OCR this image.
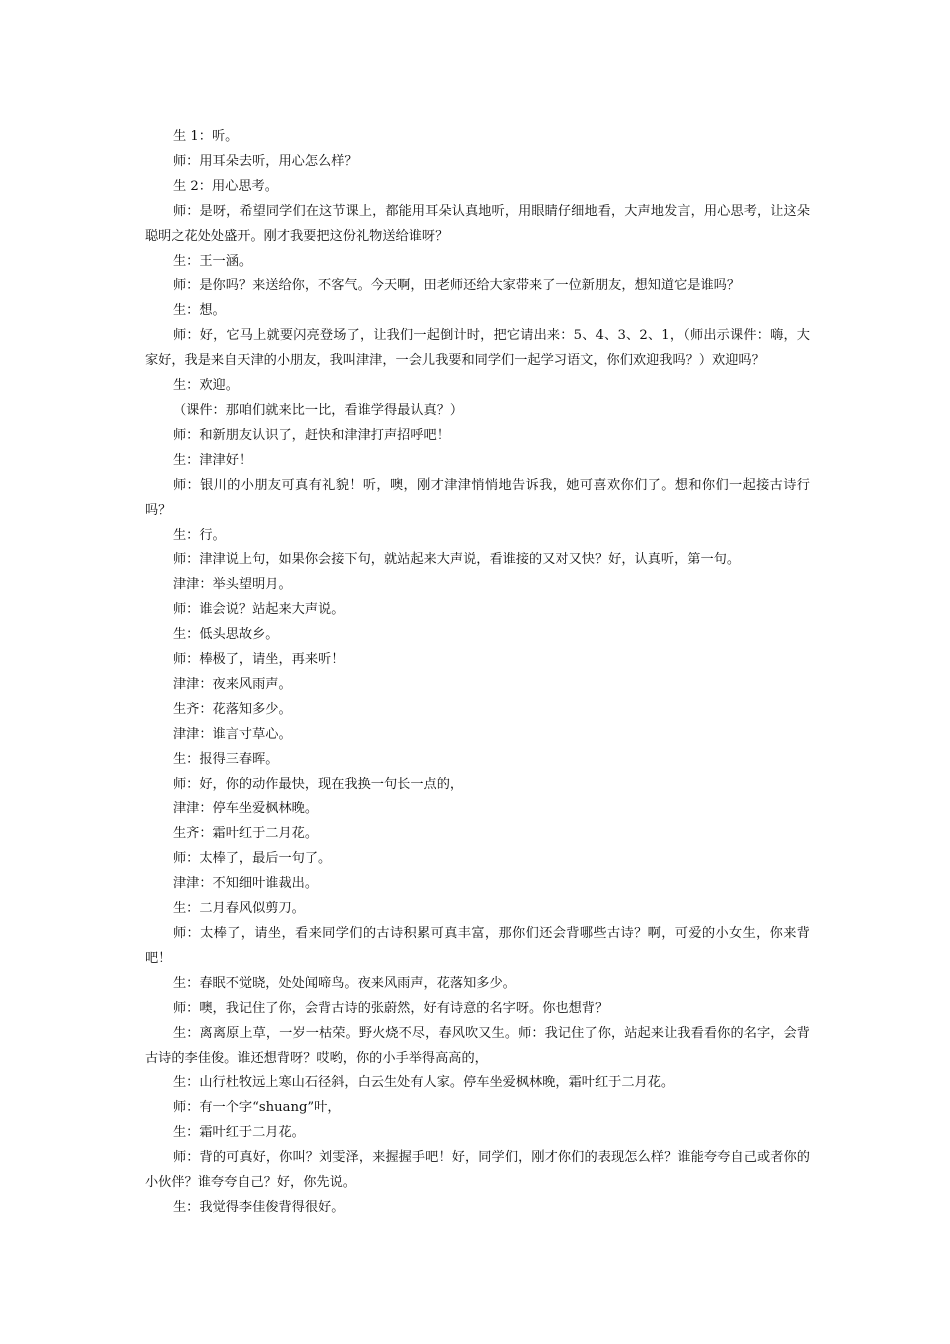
生 1：听。

师：用耳朵去听，用心怎么样？

生 2：用心思考。

师：是呀，希望同学们在这节课上，都能用耳朵认真地听，用眼睛仔细地看，大声地发言，用心思考，让这朵聪明之花处处盛开。刚才我要把这份礼物送给谁呀？

生：王一涵。

师：是你吗？来送给你，不客气。今天啊，田老师还给大家带来了一位新朋友，想知道它是谁吗？

生：想。

师：好，它马上就要闪亮登场了，让我们一起倒计时，把它请出来：5、4、3、2、1，（师出示课件：嗨，大家好，我是来自天津的小朋友，我叫津津，一会儿我要和同学们一起学习语文，你们欢迎我吗？）欢迎吗？

生：欢迎。

（课件：那咱们就来比一比，看谁学得最认真？）

师：和新朋友认识了，赶快和津津打声招呼吧！

生：津津好！

师：银川的小朋友可真有礼貌！听，噢，刚才津津悄悄地告诉我，她可喜欢你们了。想和你们一起接古诗行吗？

生：行。

师：津津说上句，如果你会接下句，就站起来大声说，看谁接的又对又快？好，认真听，第一句。

津津：举头望明月。

师：谁会说？站起来大声说。

生：低头思故乡。

师：棒极了，请坐，再来听！

津津：夜来风雨声。

生齐：花落知多少。

津津：谁言寸草心。

生：报得三春晖。

师：好，你的动作最快，现在我换一句长一点的，

津津：停车坐爱枫林晚。

生齐：霜叶红于二月花。

师：太棒了，最后一句了。

津津：不知细叶谁裁出。

生：二月春风似剪刀。

师：太棒了，请坐，看来同学们的古诗积累可真丰富，那你们还会背哪些古诗？啊，可爱的小女生，你来背吧！

生：春眠不觉晓，处处闻啼鸟。夜来风雨声，花落知多少。

师：噢，我记住了你，会背古诗的张蔚然，好有诗意的名字呀。你也想背？

生：离离原上草，一岁一枯荣。野火烧不尽，春风吹又生。师：我记住了你，站起来让我看看你的名字，会背古诗的李佳俊。谁还想背呀？哎哟，你的小手举得高高的，

生：山行杜牧远上寒山石径斜，白云生处有人家。停车坐爱枫林晚，霜叶红于二月花。

师：有一个字“shuang”叶，

生：霜叶红于二月花。

师：背的可真好，你叫？刘雯泽，来握握手吧！好，同学们，刚才你们的表现怎么样？谁能夸夸自己或者你的小伙伴？谁夸夸自己？好，你先说。

生：我觉得李佳俊背得很好。
